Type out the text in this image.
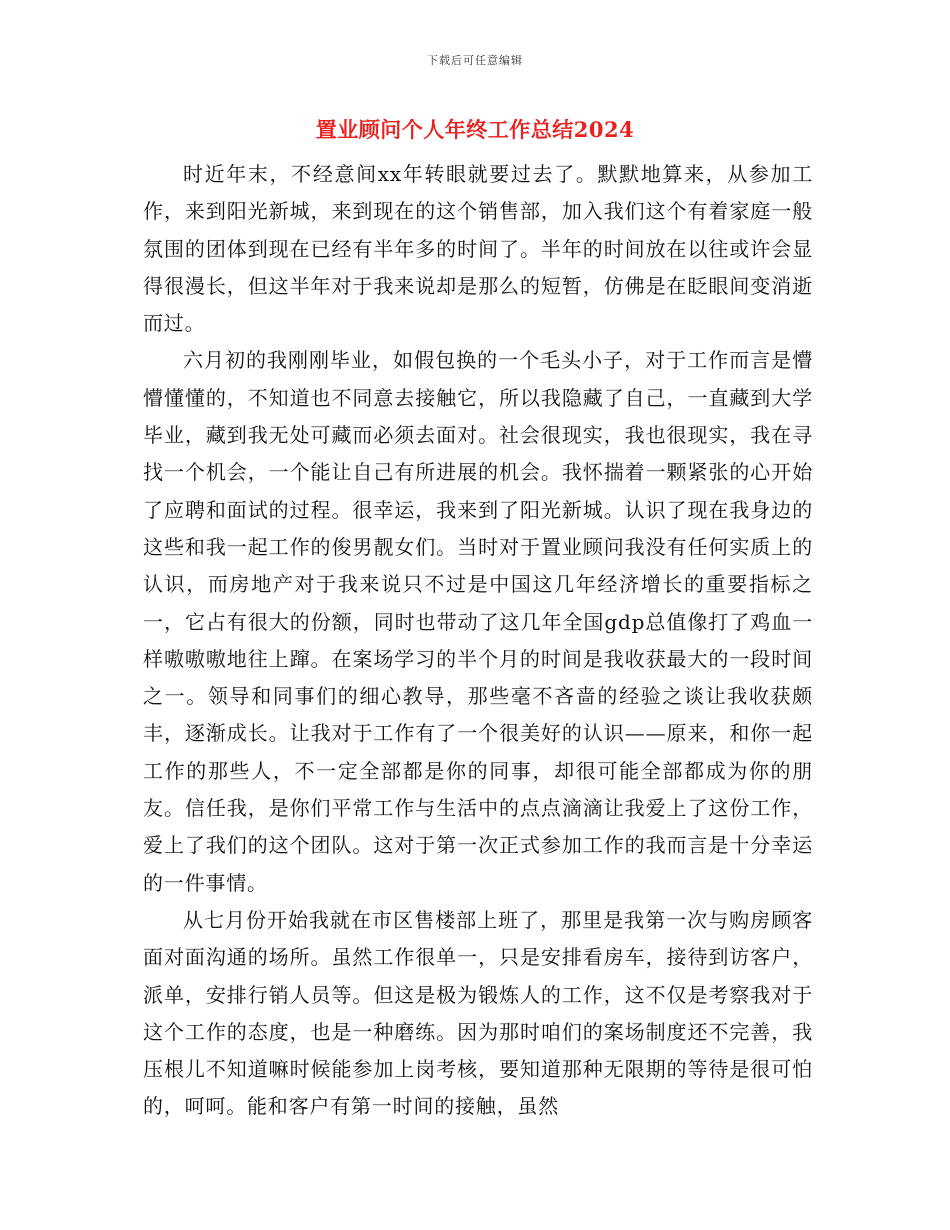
下载后可任意编辑
置业顾问个人年终工作总结2024

时近年末，不经意间xx年转眼就要过去了。默默地算来，从参加工作，来到阳光新城，来到现在的这个销售部，加入我们这个有着家庭一般氛围的团体到现在已经有半年多的时间了。半年的时间放在以往或许会显得很漫长，但这半年对于我来说却是那么的短暂，仿佛是在眨眼间变消逝而过。

六月初的我刚刚毕业，如假包换的一个毛头小子，对于工作而言是懵懵懂懂的，不知道也不同意去接触它，所以我隐藏了自己，一直藏到大学毕业，藏到我无处可藏而必须去面对。社会很现实，我也很现实，我在寻找一个机会，一个能让自己有所进展的机会。我怀揣着一颗紧张的心开始了应聘和面试的过程。很幸运，我来到了阳光新城。认识了现在我身边的这些和我一起工作的俊男靓女们。当时对于置业顾问我没有任何实质上的认识，而房地产对于我来说只不过是中国这几年经济增长的重要指标之一，它占有很大的份额，同时也带动了这几年全国gdp总值像打了鸡血一样嗷嗷嗷地往上蹿。在案场学习的半个月的时间是我收获最大的一段时间之一。领导和同事们的细心教导，那些毫不吝啬的经验之谈让我收获颇丰，逐渐成长。让我对于工作有了一个很美好的认识——原来，和你一起工作的那些人，不一定全部都是你的同事，却很可能全部都成为你的朋友。信任我，是你们平常工作与生活中的点点滴滴让我爱上了这份工作，爱上了我们的这个团队。这对于第一次正式参加工作的我而言是十分幸运的一件事情。

从七月份开始我就在市区售楼部上班了，那里是我第一次与购房顾客面对面沟通的场所。虽然工作很单一，只是安排看房车，接待到访客户，派单，安排行销人员等。但这是极为锻炼人的工作，这不仅是考察我对于这个工作的态度，也是一种磨练。因为那时咱们的案场制度还不完善，我压根儿不知道嘛时候能参加上岗考核，要知道那种无限期的等待是很可怕的，呵呵。能和客户有第一时间的接触，虽然
